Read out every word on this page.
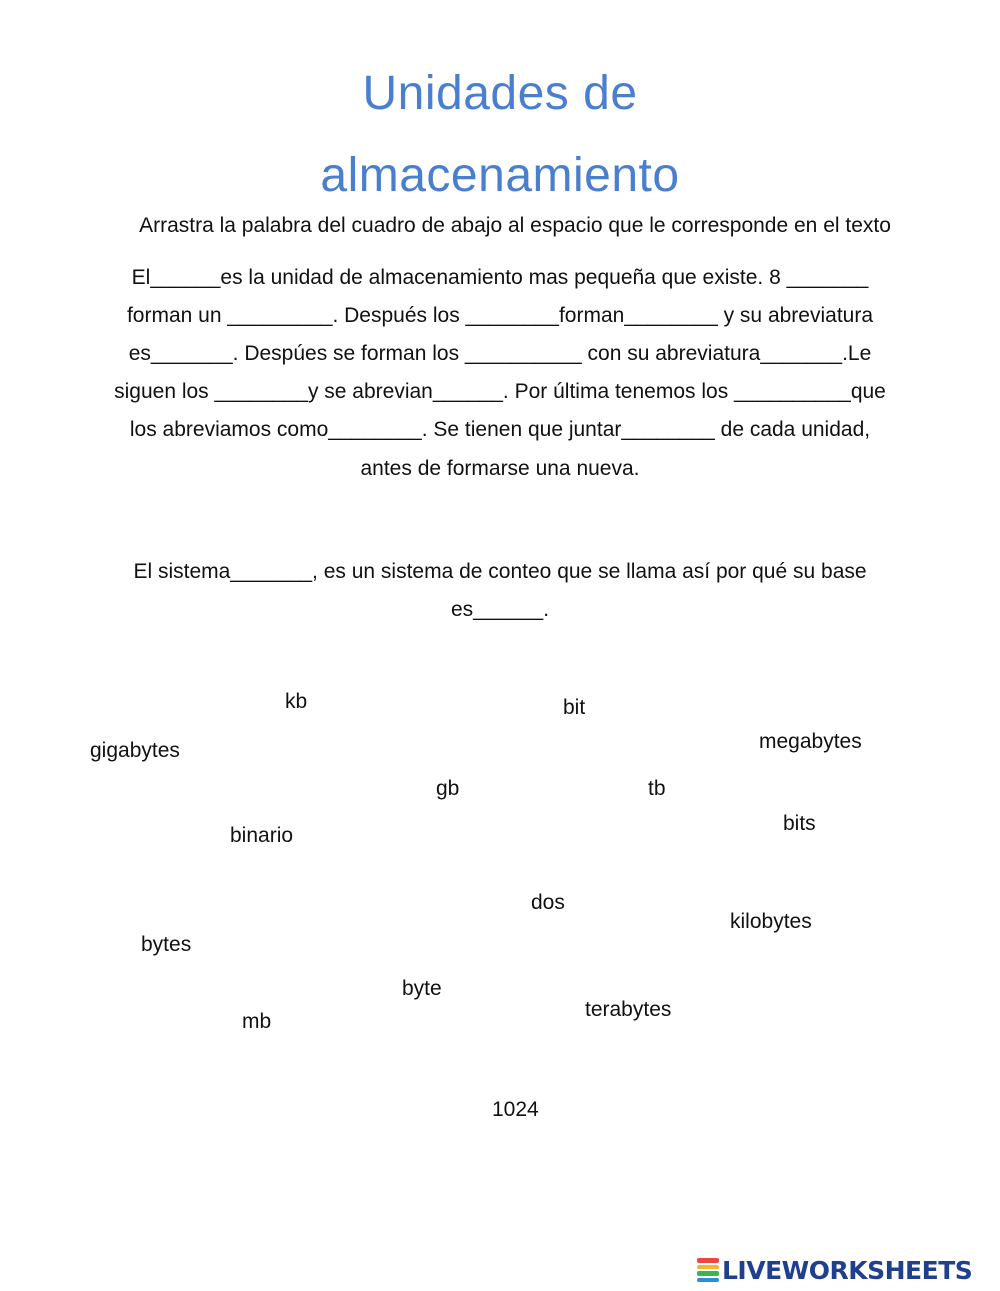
Unidades de
almacenamiento
Arrastra la palabra del cuadro de abajo al espacio que le corresponde en el texto
El______es la unidad de almacenamiento mas pequeña que existe. 8 _______
forman un _________. Después los ________forman________ y su abreviatura
es_______. Despúes se forman los __________ con su abreviatura_______.Le
siguen los ________y se abrevian______. Por última tenemos los __________que
los abreviamos como________. Se tienen que juntar________ de cada unidad,
antes de formarse una nueva.
El sistema_______, es un sistema de conteo que se llama así por qué su base
es______.
kb	bit
gigabytes	megabytes
gb	tb
binario
bits
dos
kilobytes
bytes
byte
terabytes
mb
1024
LIVEWORKSHEETS
